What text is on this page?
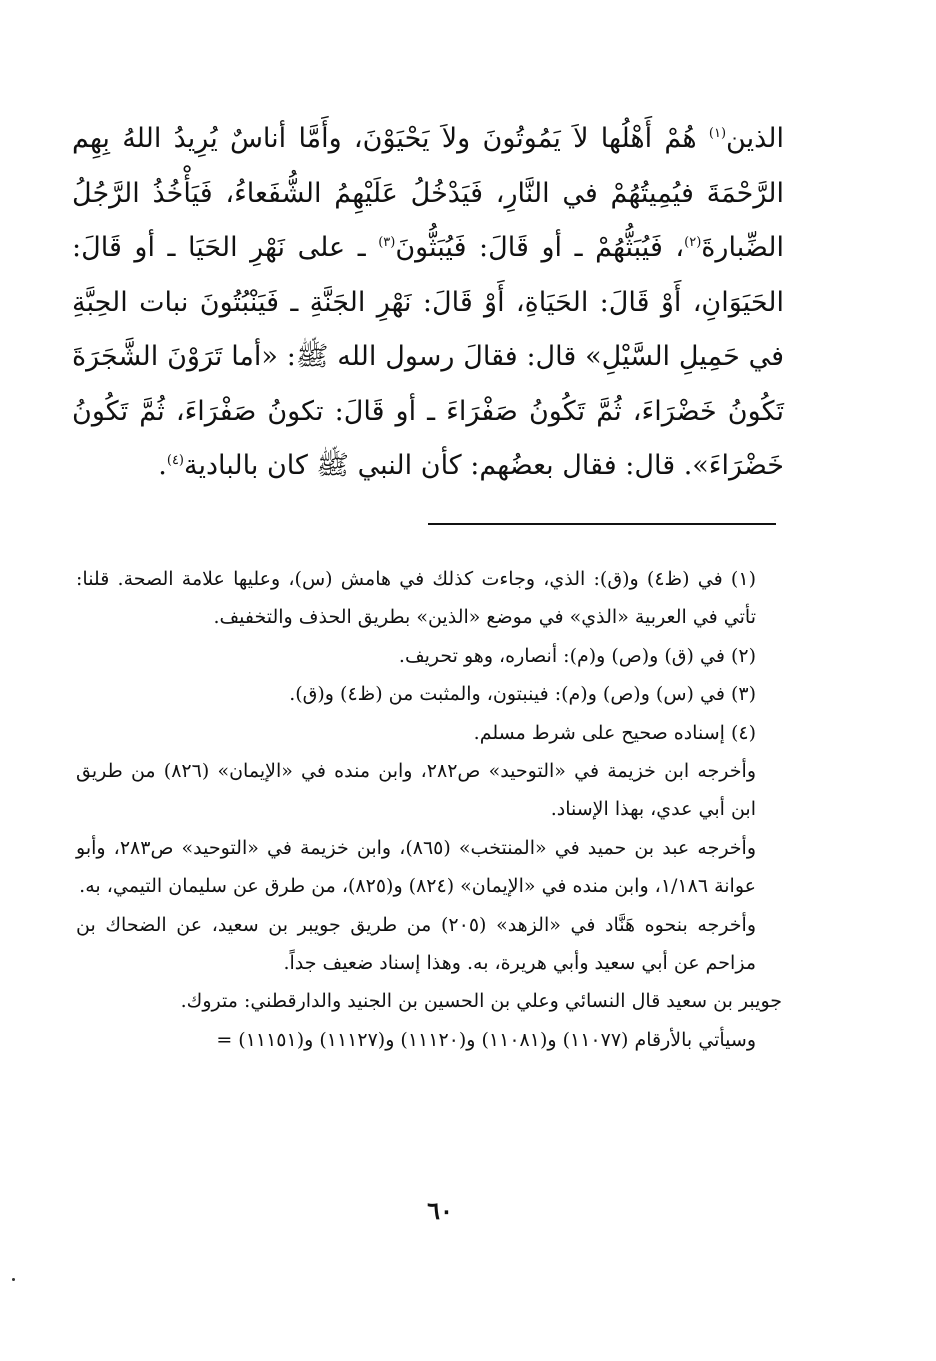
الذين$^{(١)}$ هُمْ أَهْلُها لاَ يَمُوتُونَ ولاَ يَحْيَوْنَ، وأَمَّا أناسٌ يُرِيدُ اللهُ بِهِم الرَّحْمَةَ فيُمِيتُهُمْ في النَّارِ، فَيَدْخُلُ عَلَيْهِمُ الشُّفَعاءُ، فَيَأْخُذُ الرَّجُلُ الضِّبارةَ$^{(٢)}$، فَيُبَثُّهُمْ ـ أو قَالَ: فَيُبَثُّونَ$^{(٣)}$ ـ على نَهْرِ الحَيَا ـ أو قَالَ: الحَيَوَانِ، أَوْ قَالَ: الحَيَاةِ، أَوْ قَالَ: نَهْرِ الجَنَّةِ ـ فَيَنْبُتُونَ نبات الحِبَّةِ في حَمِيلِ السَّيْلِ» قال: فقالَ رسول الله ﷺ: «أما تَرَوْنَ الشَّجَرَةَ تَكُونُ خَضْرَاءَ، ثُمَّ تَكُونُ صَفْرَاءَ ـ أو قَالَ: تكونُ صَفْرَاءَ، ثُمَّ تَكُونُ خَضْرَاءَ». قال: فقال بعضُهم: كأن النبي ﷺ كان بالبادية$^{(٤)}$.

(١) في (ظ٤) و(ق): الذي، وجاءت كذلك في هامش (س)، وعليها علامة الصحة. قلنا: تأتي في العربية «الذي» في موضع «الذين» بطريق الحذف والتخفيف.

(٢) في (ق) و(ص) و(م): أنصاره، وهو تحريف.

(٣) في (س) و(ص) و(م): فينبتون، والمثبت من (ظ٤) و(ق).

(٤) إسناده صحيح على شرط مسلم.

وأخرجه ابن خزيمة في «التوحيد» ص٢٨٢، وابن منده في «الإيمان» (٨٢٦) من طريق ابن أبي عدي، بهذا الإسناد.

وأخرجه عبد بن حميد في «المنتخب» (٨٦٥)، وابن خزيمة في «التوحيد» ص٢٨٣، وأبو عوانة ١/١٨٦، وابن منده في «الإيمان» (٨٢٤) و(٨٢٥)، من طرق عن سليمان التيمي، به.

وأخرجه بنحوه هَنَّاد في «الزهد» (٢٠٥) من طريق جويبر بن سعيد، عن الضحاك بن مزاحم عن أبي سعيد وأبي هريرة، به. وهذا إسناد ضعيف جداً.

جويبر بن سعيد قال النسائي وعلي بن الحسين بن الجنيد والدارقطني: متروك.

وسيأتي بالأرقام (١١٠٧٧) و(١١٠٨١) و(١١١٢٠) و(١١١٢٧) و(١١١٥١) =

٦٠
